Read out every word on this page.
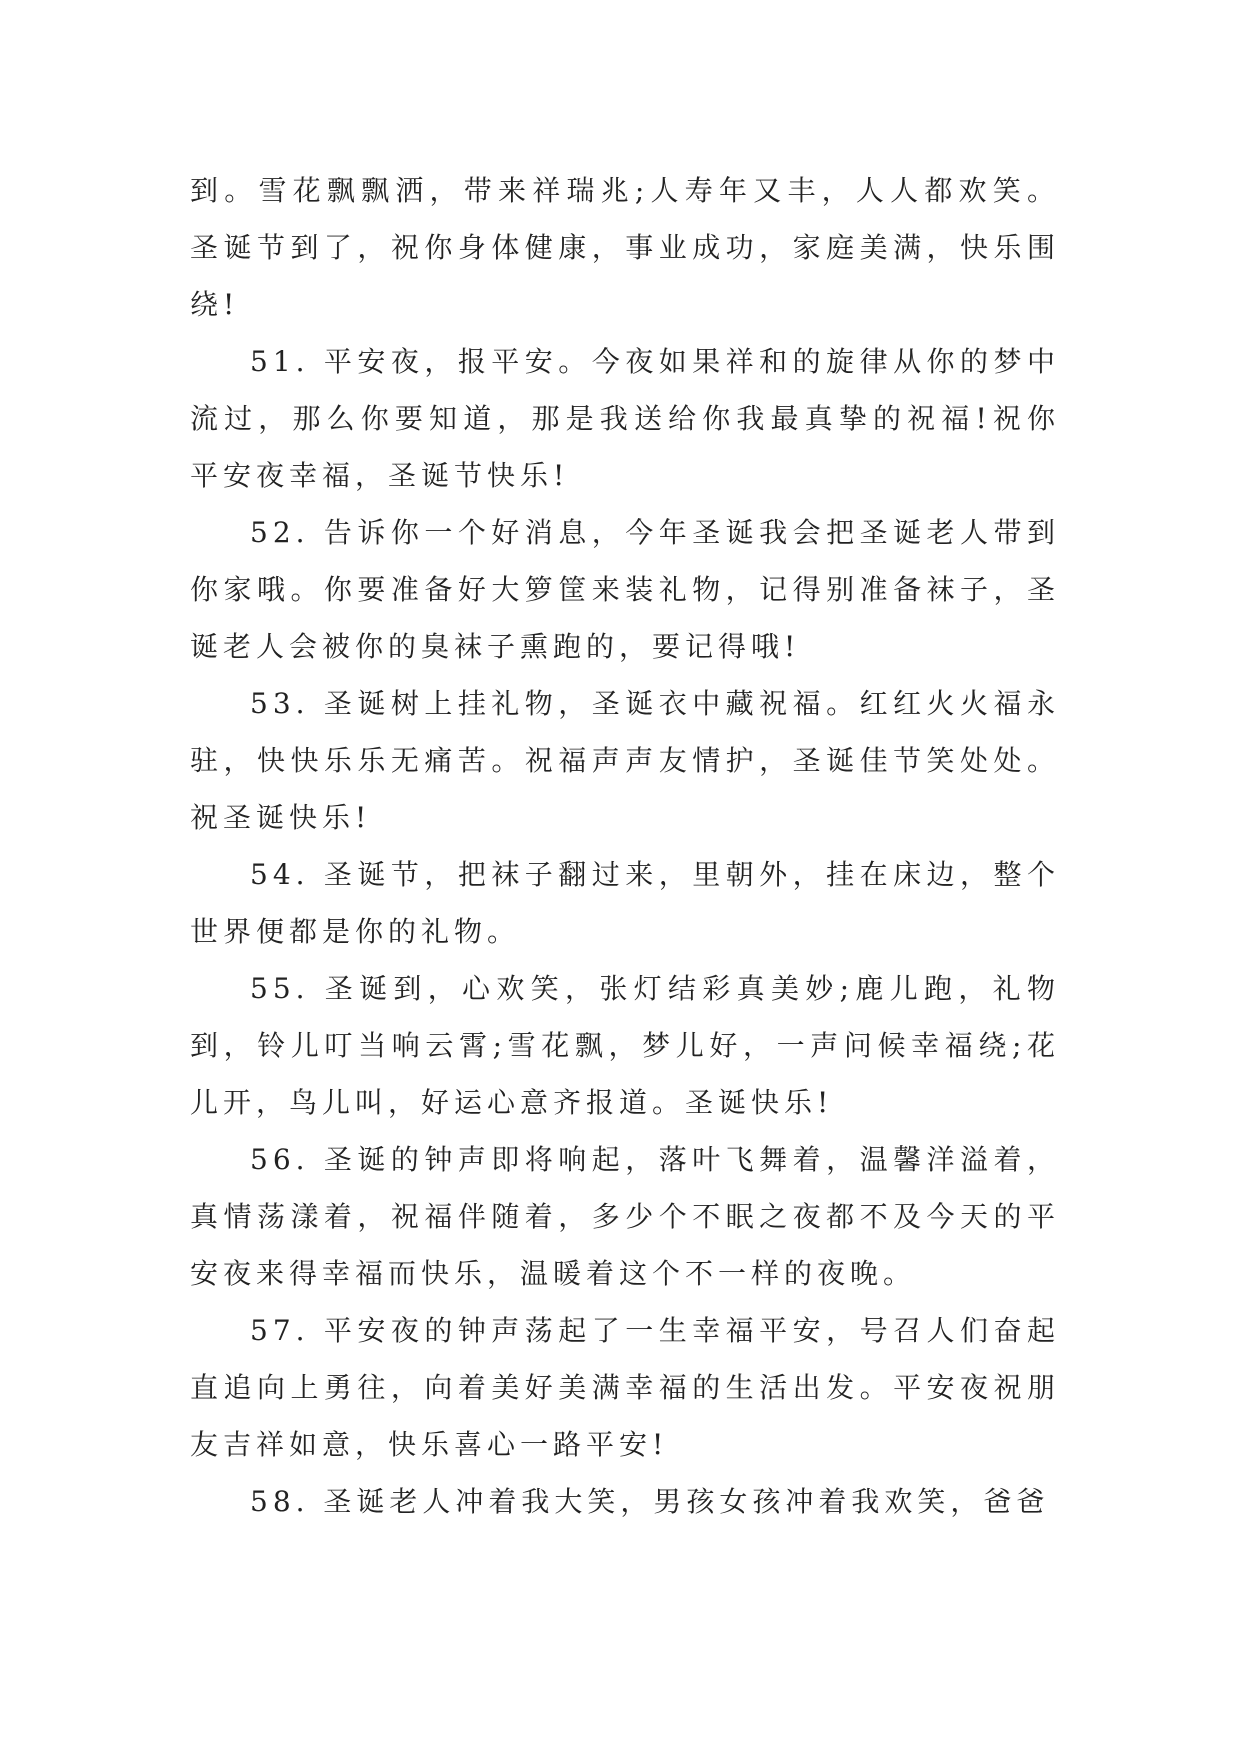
到。雪花飘飘洒，带来祥瑞兆;人寿年又丰，人人都欢笑。圣诞节到了，祝你身体健康，事业成功，家庭美满，快乐围绕!

51. 平安夜，报平安。今夜如果祥和的旋律从你的梦中流过，那么你要知道，那是我送给你我最真挚的祝福!祝你平安夜幸福，圣诞节快乐!

52. 告诉你一个好消息，今年圣诞我会把圣诞老人带到你家哦。你要准备好大箩筐来装礼物，记得别准备袜子，圣诞老人会被你的臭袜子熏跑的，要记得哦!

53. 圣诞树上挂礼物，圣诞衣中藏祝福。红红火火福永驻，快快乐乐无痛苦。祝福声声友情护，圣诞佳节笑处处。祝圣诞快乐!

54. 圣诞节，把袜子翻过来，里朝外，挂在床边，整个世界便都是你的礼物。

55. 圣诞到，心欢笑，张灯结彩真美妙;鹿儿跑，礼物到，铃儿叮当响云霄;雪花飘，梦儿好，一声问候幸福绕;花儿开，鸟儿叫，好运心意齐报道。圣诞快乐!

56. 圣诞的钟声即将响起，落叶飞舞着，温馨洋溢着，真情荡漾着，祝福伴随着，多少个不眠之夜都不及今天的平安夜来得幸福而快乐，温暖着这个不一样的夜晚。

57. 平安夜的钟声荡起了一生幸福平安，号召人们奋起直追向上勇往，向着美好美满幸福的生活出发。平安夜祝朋友吉祥如意，快乐喜心一路平安!

58. 圣诞老人冲着我大笑，男孩女孩冲着我欢笑，爸爸
